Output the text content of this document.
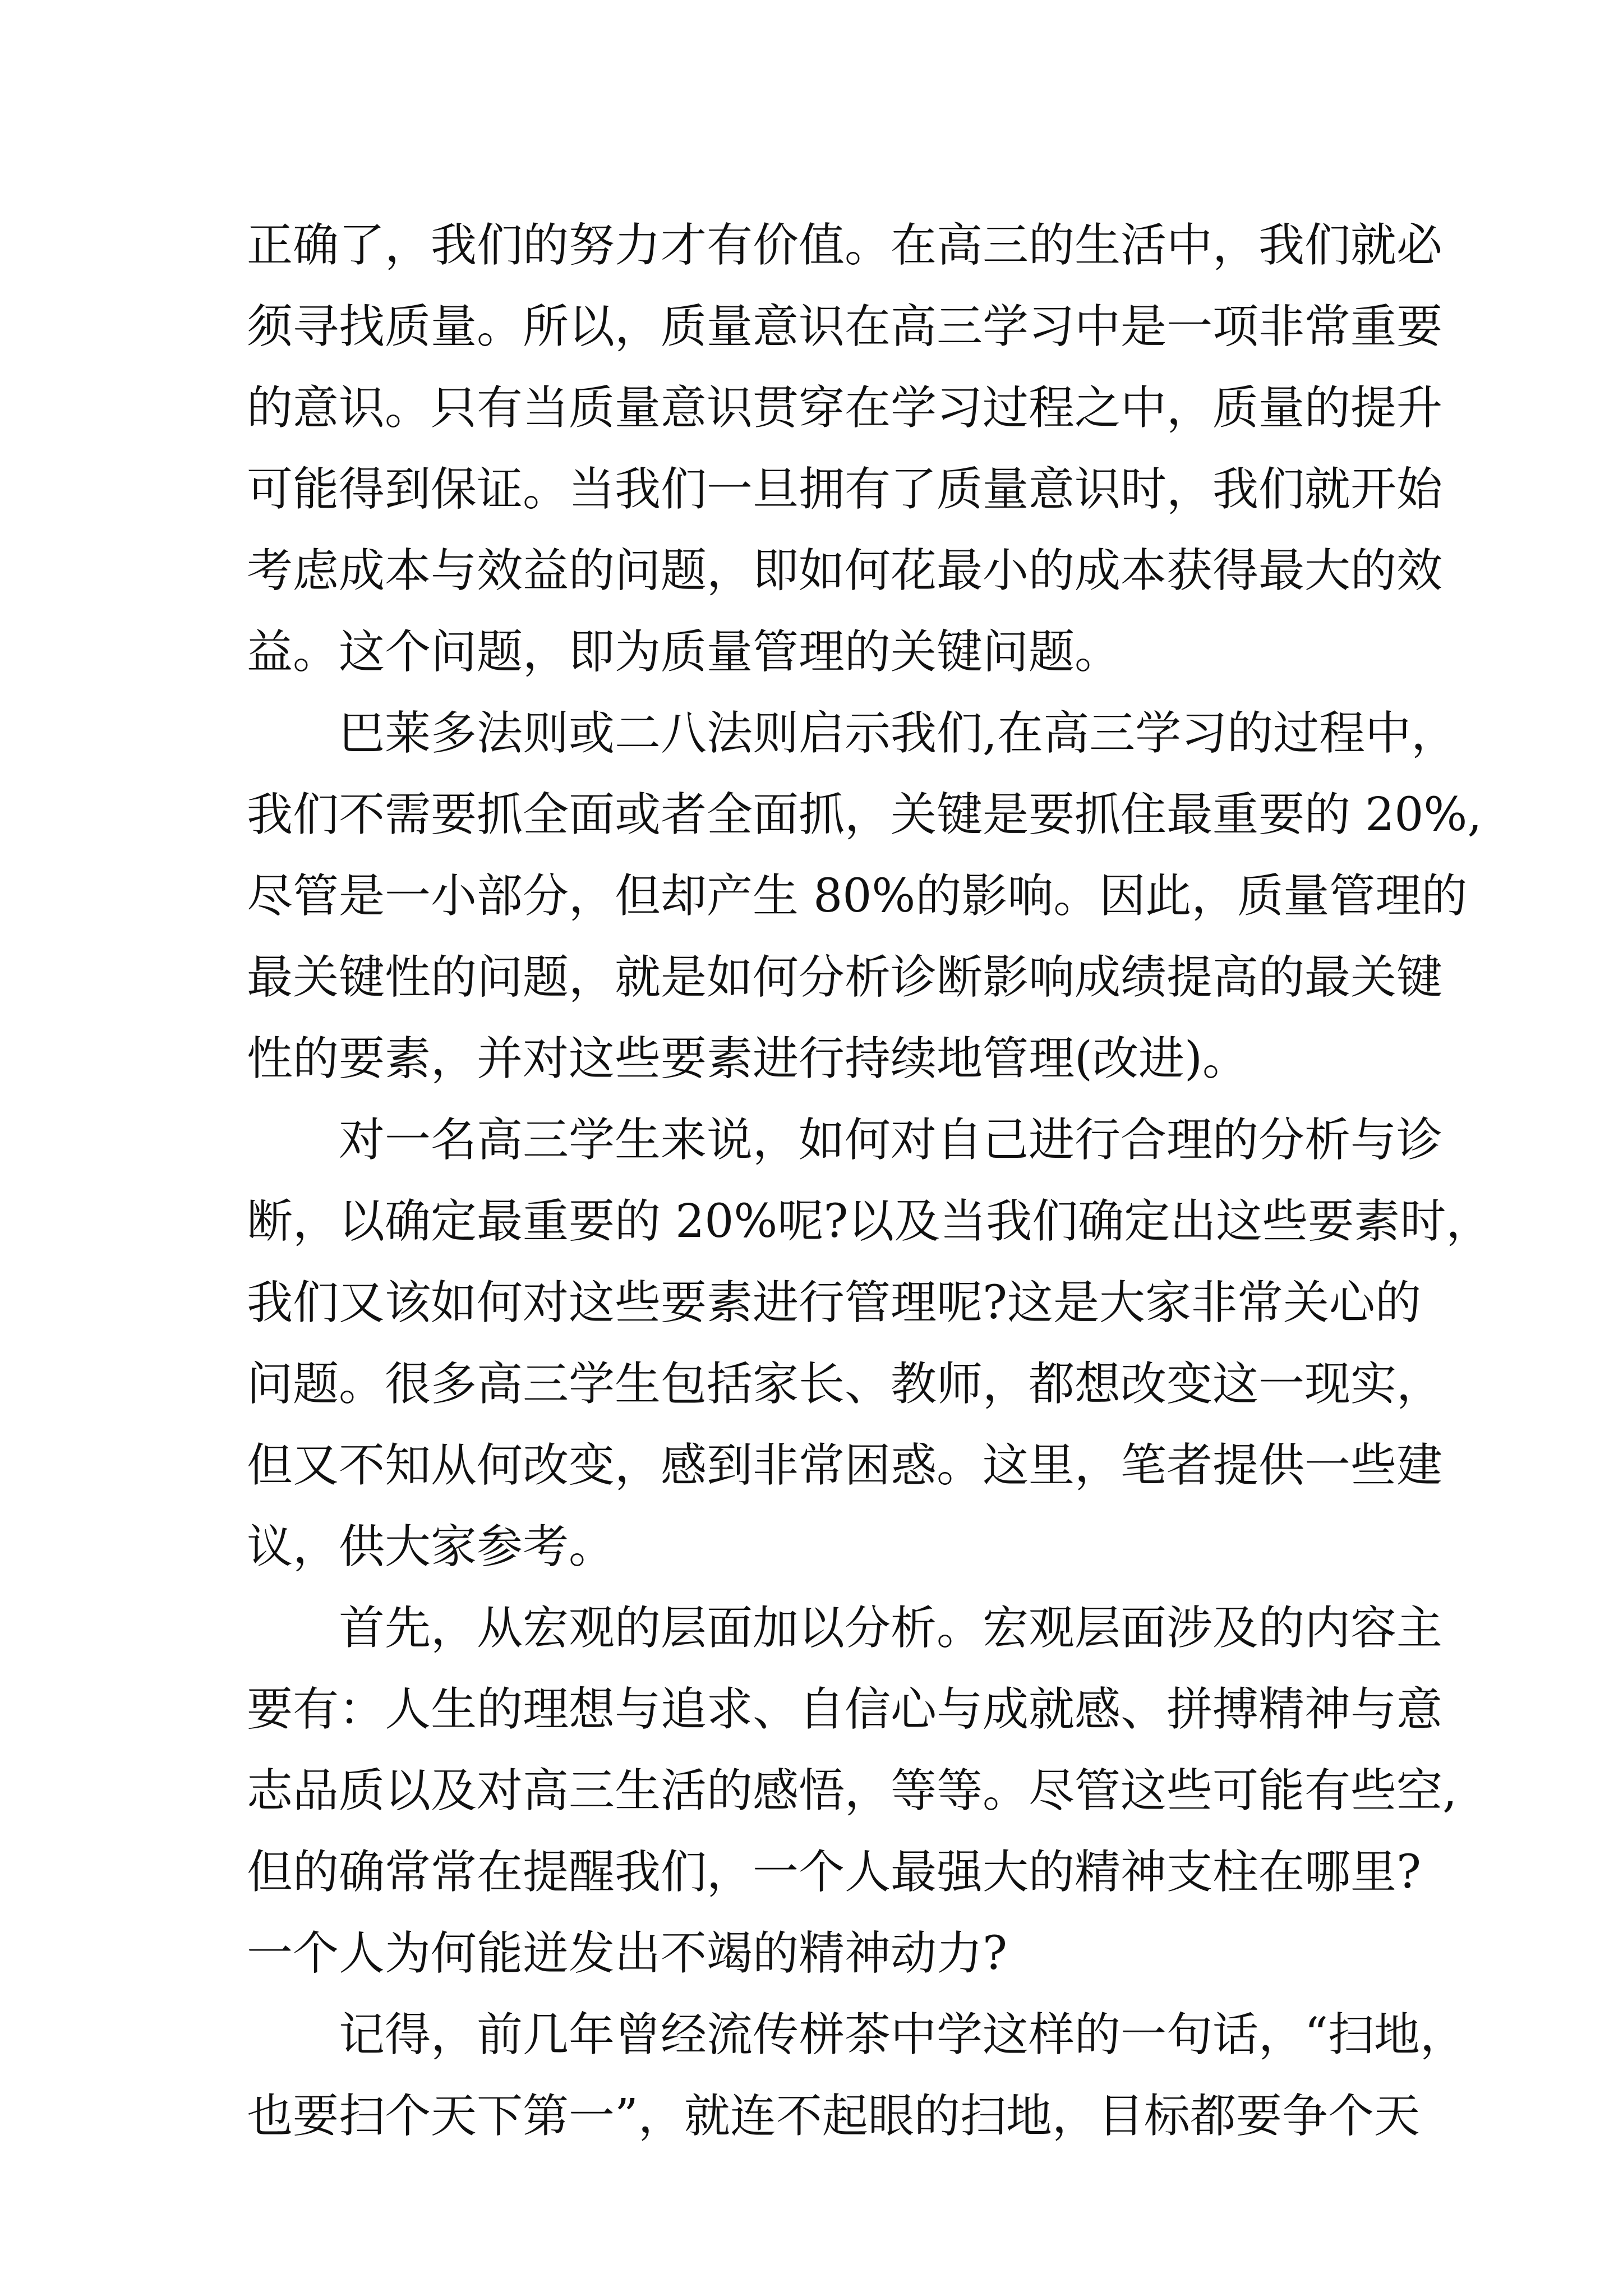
正确了，我们的努力才有价值。在高三的生活中，我们就必
须寻找质量。所以，质量意识在高三学习中是一项非常重要
的意识。只有当质量意识贯穿在学习过程之中，质量的提升
可能得到保证。当我们一旦拥有了质量意识时，我们就开始
考虑成本与效益的问题，即如何花最小的成本获得最大的效
益。这个问题，即为质量管理的关键问题。
巴莱多法则或二八法则启示我们,在高三学习的过程中，
我们不需要抓全面或者全面抓，关键是要抓住最重要的 20%,
尽管是一小部分，但却产生 80%的影响。因此，质量管理的
最关键性的问题，就是如何分析诊断影响成绩提高的最关键
性的要素，并对这些要素进行持续地管理(改进)。
对一名高三学生来说，如何对自己进行合理的分析与诊
断，以确定最重要的 20%呢?以及当我们确定出这些要素时，
我们又该如何对这些要素进行管理呢?这是大家非常关心的
问题。很多高三学生包括家长、教师，都想改变这一现实，
但又不知从何改变，感到非常困惑。这里，笔者提供一些建
议，供大家参考。
首先，从宏观的层面加以分析。宏观层面涉及的内容主
要有：人生的理想与追求、自信心与成就感、拼搏精神与意
志品质以及对高三生活的感悟，等等。尽管这些可能有些空,
但的确常常在提醒我们，一个人最强大的精神支柱在哪里?
一个人为何能迸发出不竭的精神动力?
记得，前几年曾经流传栟茶中学这样的一句话，“扫地，
也要扫个天下第一”，就连不起眼的扫地，目标都要争个天
